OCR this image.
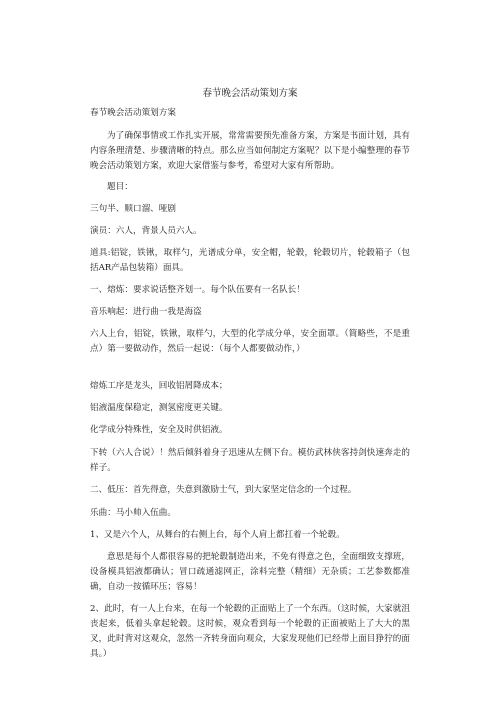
春节晚会活动策划方案

春节晚会活动策划方案

为了确保事情或工作扎实开展，常常需要预先准备方案，方案是书面计划，具有内容条理清楚、步骤清晰的特点。那么应当如何制定方案呢？以下是小编整理的春节晚会活动策划方案，欢迎大家借鉴与参考，希望对大家有所帮助。

题目：

三句半、顺口溜、哑剧

演员：六人，背景人员六人。

道具:铝锭，铁锹，取样勺，光谱成分单，安全帽，轮毂，轮毂切片，轮毂箱子（包括AR产品包装箱）面具。

一、熔炼：要求说话整齐划一。每个队伍要有一名队长！

音乐响起：进行曲一我是海盗

六人上台，铝锭，铁锹，取样勺，大型的化学成分单，安全面罩。（简略些，不是重点）第一要做动作，然后一起说：（每个人都要做动作，）

熔炼工序是龙头，回收铝屑降成本；

铝液温度保稳定，测氢密度更关键。

化学成分特殊性，安全及时供铝液。

下转（六人合说）！然后倾斜着身子迅速从左侧下台。模仿武林侠客持剑快速奔走的样子。

二、低压：首先得意，失意到激励士气，到大家坚定信念的一个过程。

乐曲：马小帅入伍曲。

1、又是六个人，从舞台的右侧上台，每个人肩上都扛着一个轮毂。

意思是每个人都很容易的把轮毂制造出来，不免有得意之色，全面细致支撑班，设备模具铝液都确认；冒口疏通滤网正，涂料完整（精细）无杂质；工艺参数都准确，自动一按循环压；容易！

2、此时，有一人上台来，在每一个轮毂的正面贴上了一个东西。（这时候，大家就沮丧起来，低着头拿起轮毂。这时候，观众看到每一个轮毂的正面被贴上了大大的黑叉，此时背对这观众，忽然一齐转身面向观众，大家发现他们已经带上面目狰狞的面具。）
